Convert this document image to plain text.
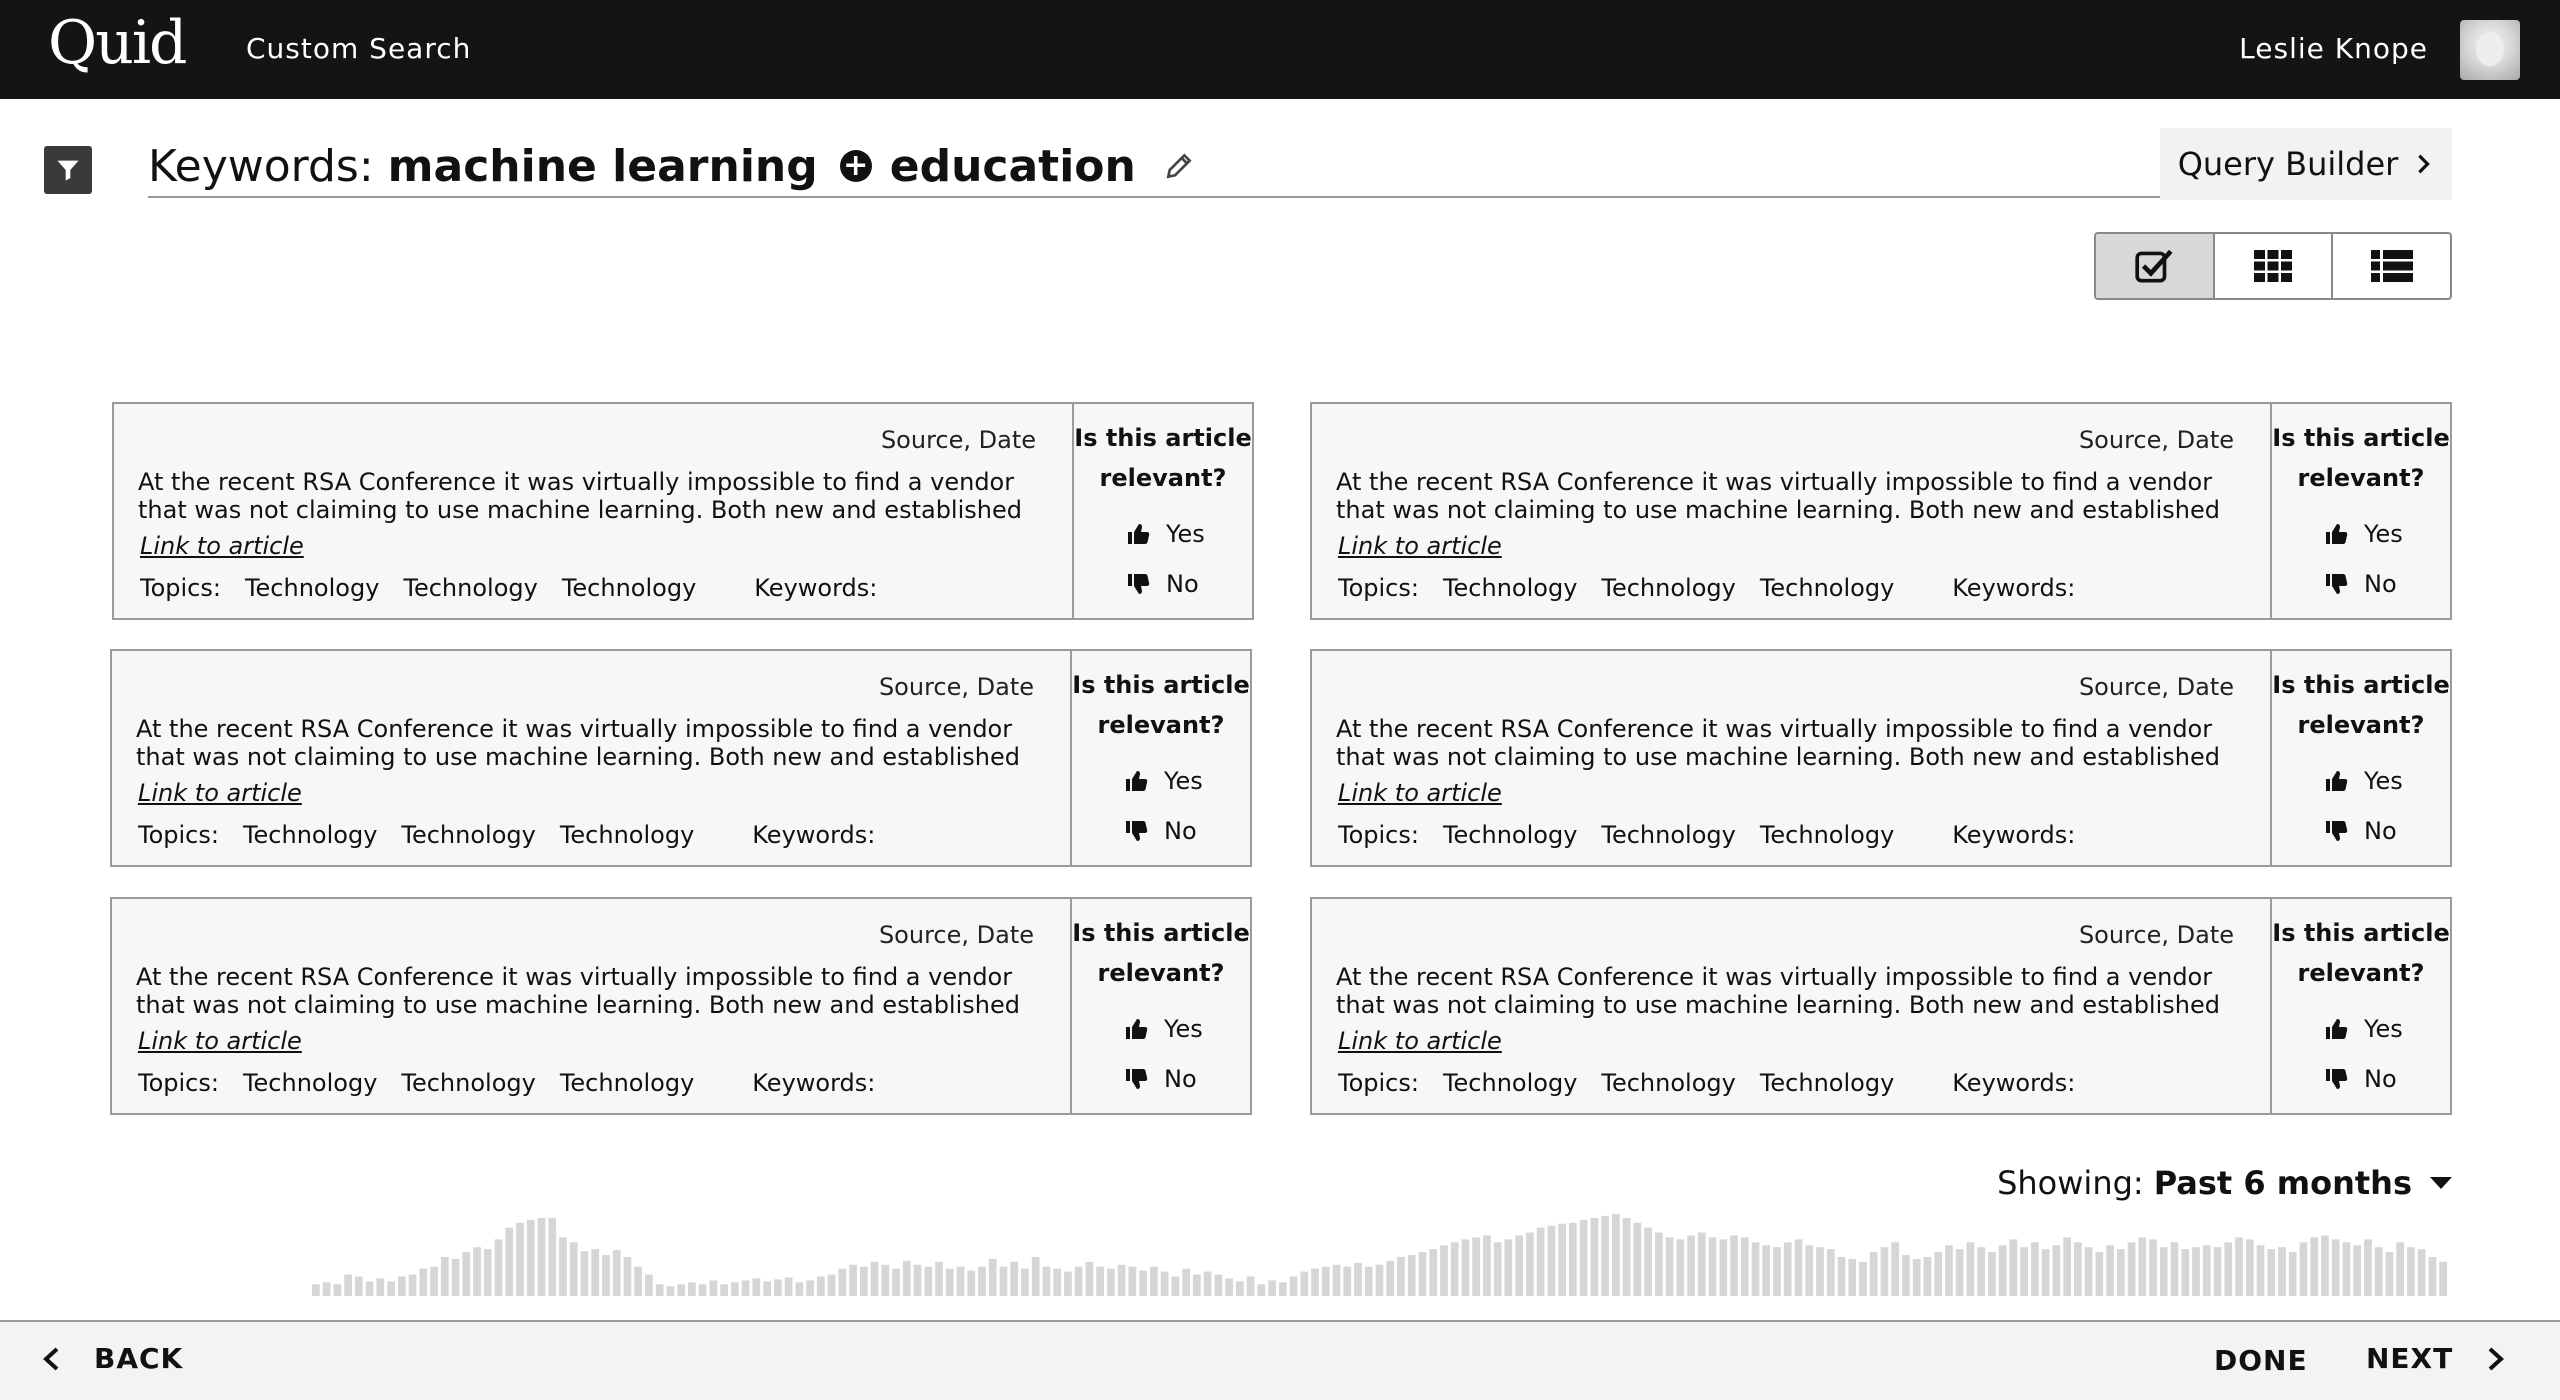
Quid Custom Search	Leslie Knope
Keywords: machine learning + education	Query Builder
Source, Date
At the recent RSA Conference it was virtually impossible to find a vendor that was not claiming to use machine learning. Both new and established
Link to article
Topics: Technology Technology Technology Keywords:
Is this article relevant?
Yes
No
Source, Date
At the recent RSA Conference it was virtually impossible to find a vendor that was not claiming to use machine learning. Both new and established
Link to article
Topics: Technology Technology Technology Keywords:
Is this article relevant?
Yes
No
Source, Date
At the recent RSA Conference it was virtually impossible to find a vendor that was not claiming to use machine learning. Both new and established
Link to article
Topics: Technology Technology Technology Keywords:
Is this article relevant?
Yes
No
Source, Date
At the recent RSA Conference it was virtually impossible to find a vendor that was not claiming to use machine learning. Both new and established
Link to article
Topics: Technology Technology Technology Keywords:
Is this article relevant?
Yes
No
Source, Date
At the recent RSA Conference it was virtually impossible to find a vendor that was not claiming to use machine learning. Both new and established
Link to article
Topics: Technology Technology Technology Keywords:
Is this article relevant?
Yes
No
Source, Date
At the recent RSA Conference it was virtually impossible to find a vendor that was not claiming to use machine learning. Both new and established
Link to article
Topics: Technology Technology Technology Keywords:
Is this article relevant?
Yes
No
Showing: Past 6 months
BACK	DONE NEXT
